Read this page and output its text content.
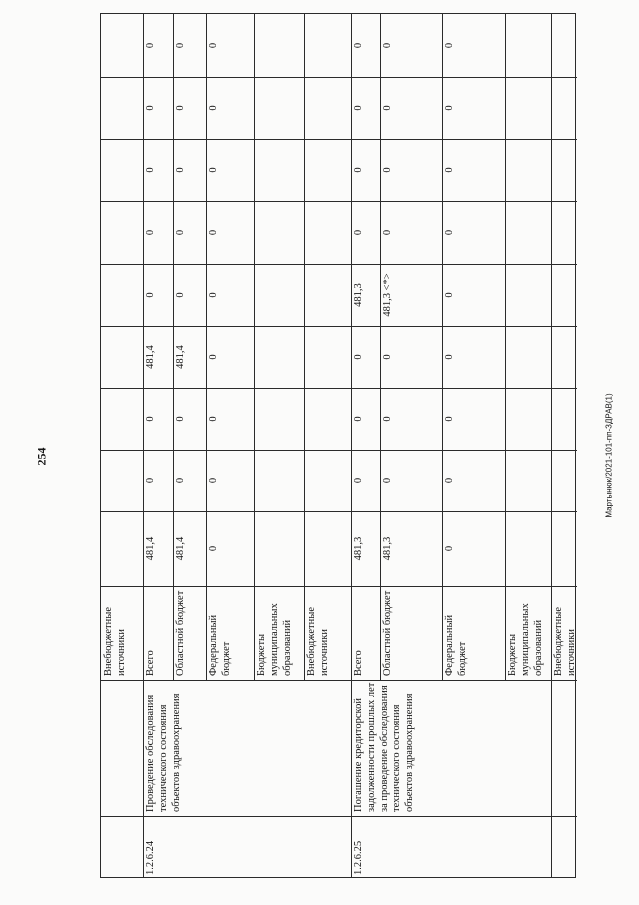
254	Мартынюк/2021-101-пп-ЗДРАВ(1)
Внебюджетные источники
1.2.6.24
Проведение обследования технического состояния объектов здравоохранения
Всего
481,4
0
0
481,4
0
0
0
0
0
Областной бюджет
481,4
0
0
481,4
0
0
0
0
0
Федеральный бюджет
0
0
0
0
0
0
0
0
0
Бюджеты муниципальных образований	Внебюджетные источники
1.2.6.25
Погашение кредиторской задолженности прошлых лет за проведение обследования технического состояния объектов здравоохранения
Всего
481,3
0
0
0
481,3
0
0
0
0
Областной бюджет
481,3
0
0
0
481,3 <*>
0
0
0
0
Федеральный бюджет
0
0
0
0
0
0
0
0
0
Бюджеты муниципальных образований Внебюджетные источники
